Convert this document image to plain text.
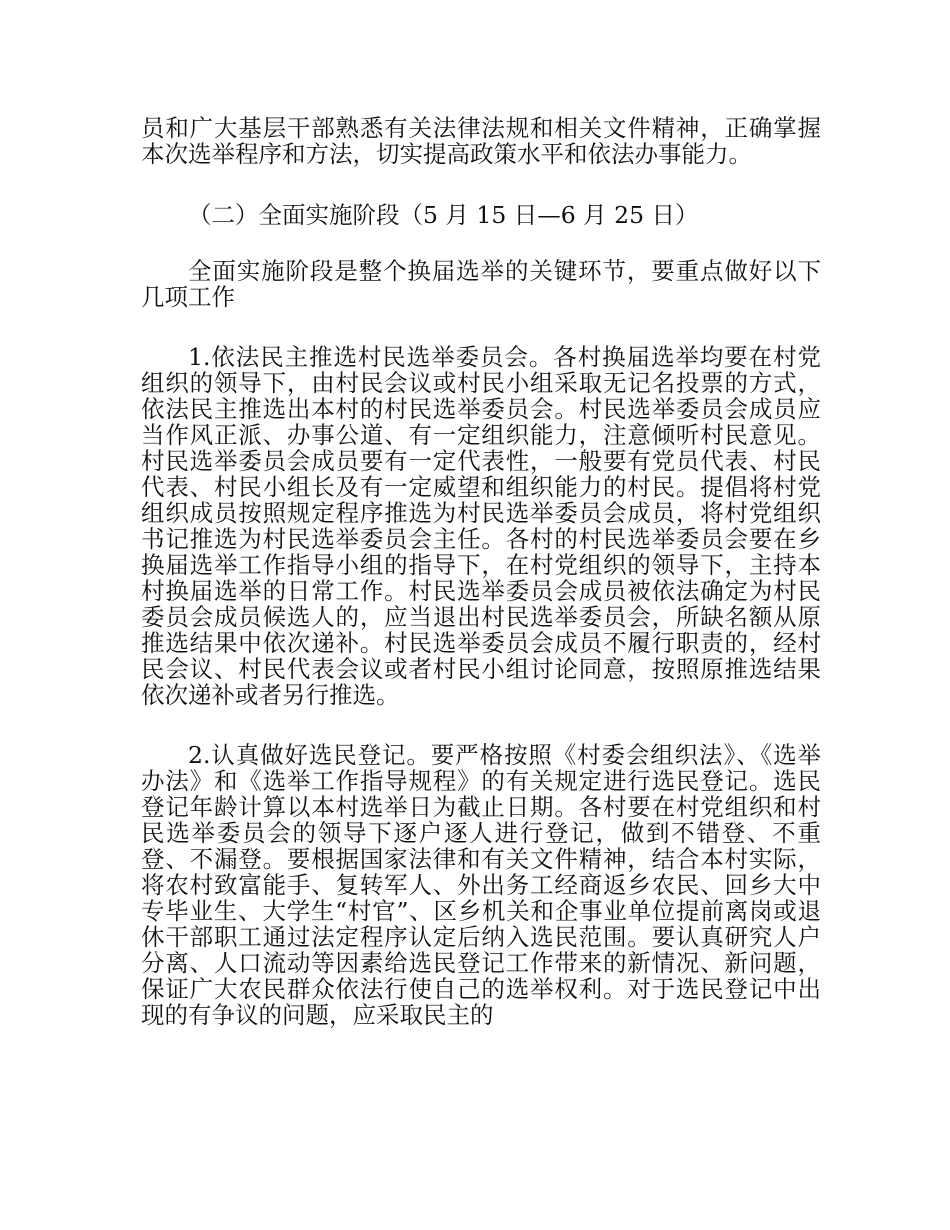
员和广大基层干部熟悉有关法律法规和相关文件精神，正确掌握本次选举程序和方法，切实提高政策水平和依法办事能力。
（二）全面实施阶段（5 月 15 日—6 月 25 日）
全面实施阶段是整个换届选举的关键环节，要重点做好以下几项工作
1.依法民主推选村民选举委员会。各村换届选举均要在村党组织的领导下，由村民会议或村民小组采取无记名投票的方式，依法民主推选出本村的村民选举委员会。村民选举委员会成员应当作风正派、办事公道、有一定组织能力，注意倾听村民意见。村民选举委员会成员要有一定代表性，一般要有党员代表、村民代表、村民小组长及有一定威望和组织能力的村民。提倡将村党组织成员按照规定程序推选为村民选举委员会成员，将村党组织书记推选为村民选举委员会主任。各村的村民选举委员会要在乡换届选举工作指导小组的指导下，在村党组织的领导下，主持本村换届选举的日常工作。村民选举委员会成员被依法确定为村民委员会成员候选人的，应当退出村民选举委员会，所缺名额从原推选结果中依次递补。村民选举委员会成员不履行职责的，经村民会议、村民代表会议或者村民小组讨论同意，按照原推选结果依次递补或者另行推选。
2.认真做好选民登记。要严格按照《村委会组织法》、《选举办法》和《选举工作指导规程》的有关规定进行选民登记。选民登记年龄计算以本村选举日为截止日期。各村要在村党组织和村民选举委员会的领导下逐户逐人进行登记，做到不错登、不重登、不漏登。要根据国家法律和有关文件精神，结合本村实际，将农村致富能手、复转军人、外出务工经商返乡农民、回乡大中专毕业生、大学生“村官”、区乡机关和企事业单位提前离岗或退休干部职工通过法定程序认定后纳入选民范围。要认真研究人户分离、人口流动等因素给选民登记工作带来的新情况、新问题，保证广大农民群众依法行使自己的选举权利。对于选民登记中出现的有争议的问题，应采取民主的
